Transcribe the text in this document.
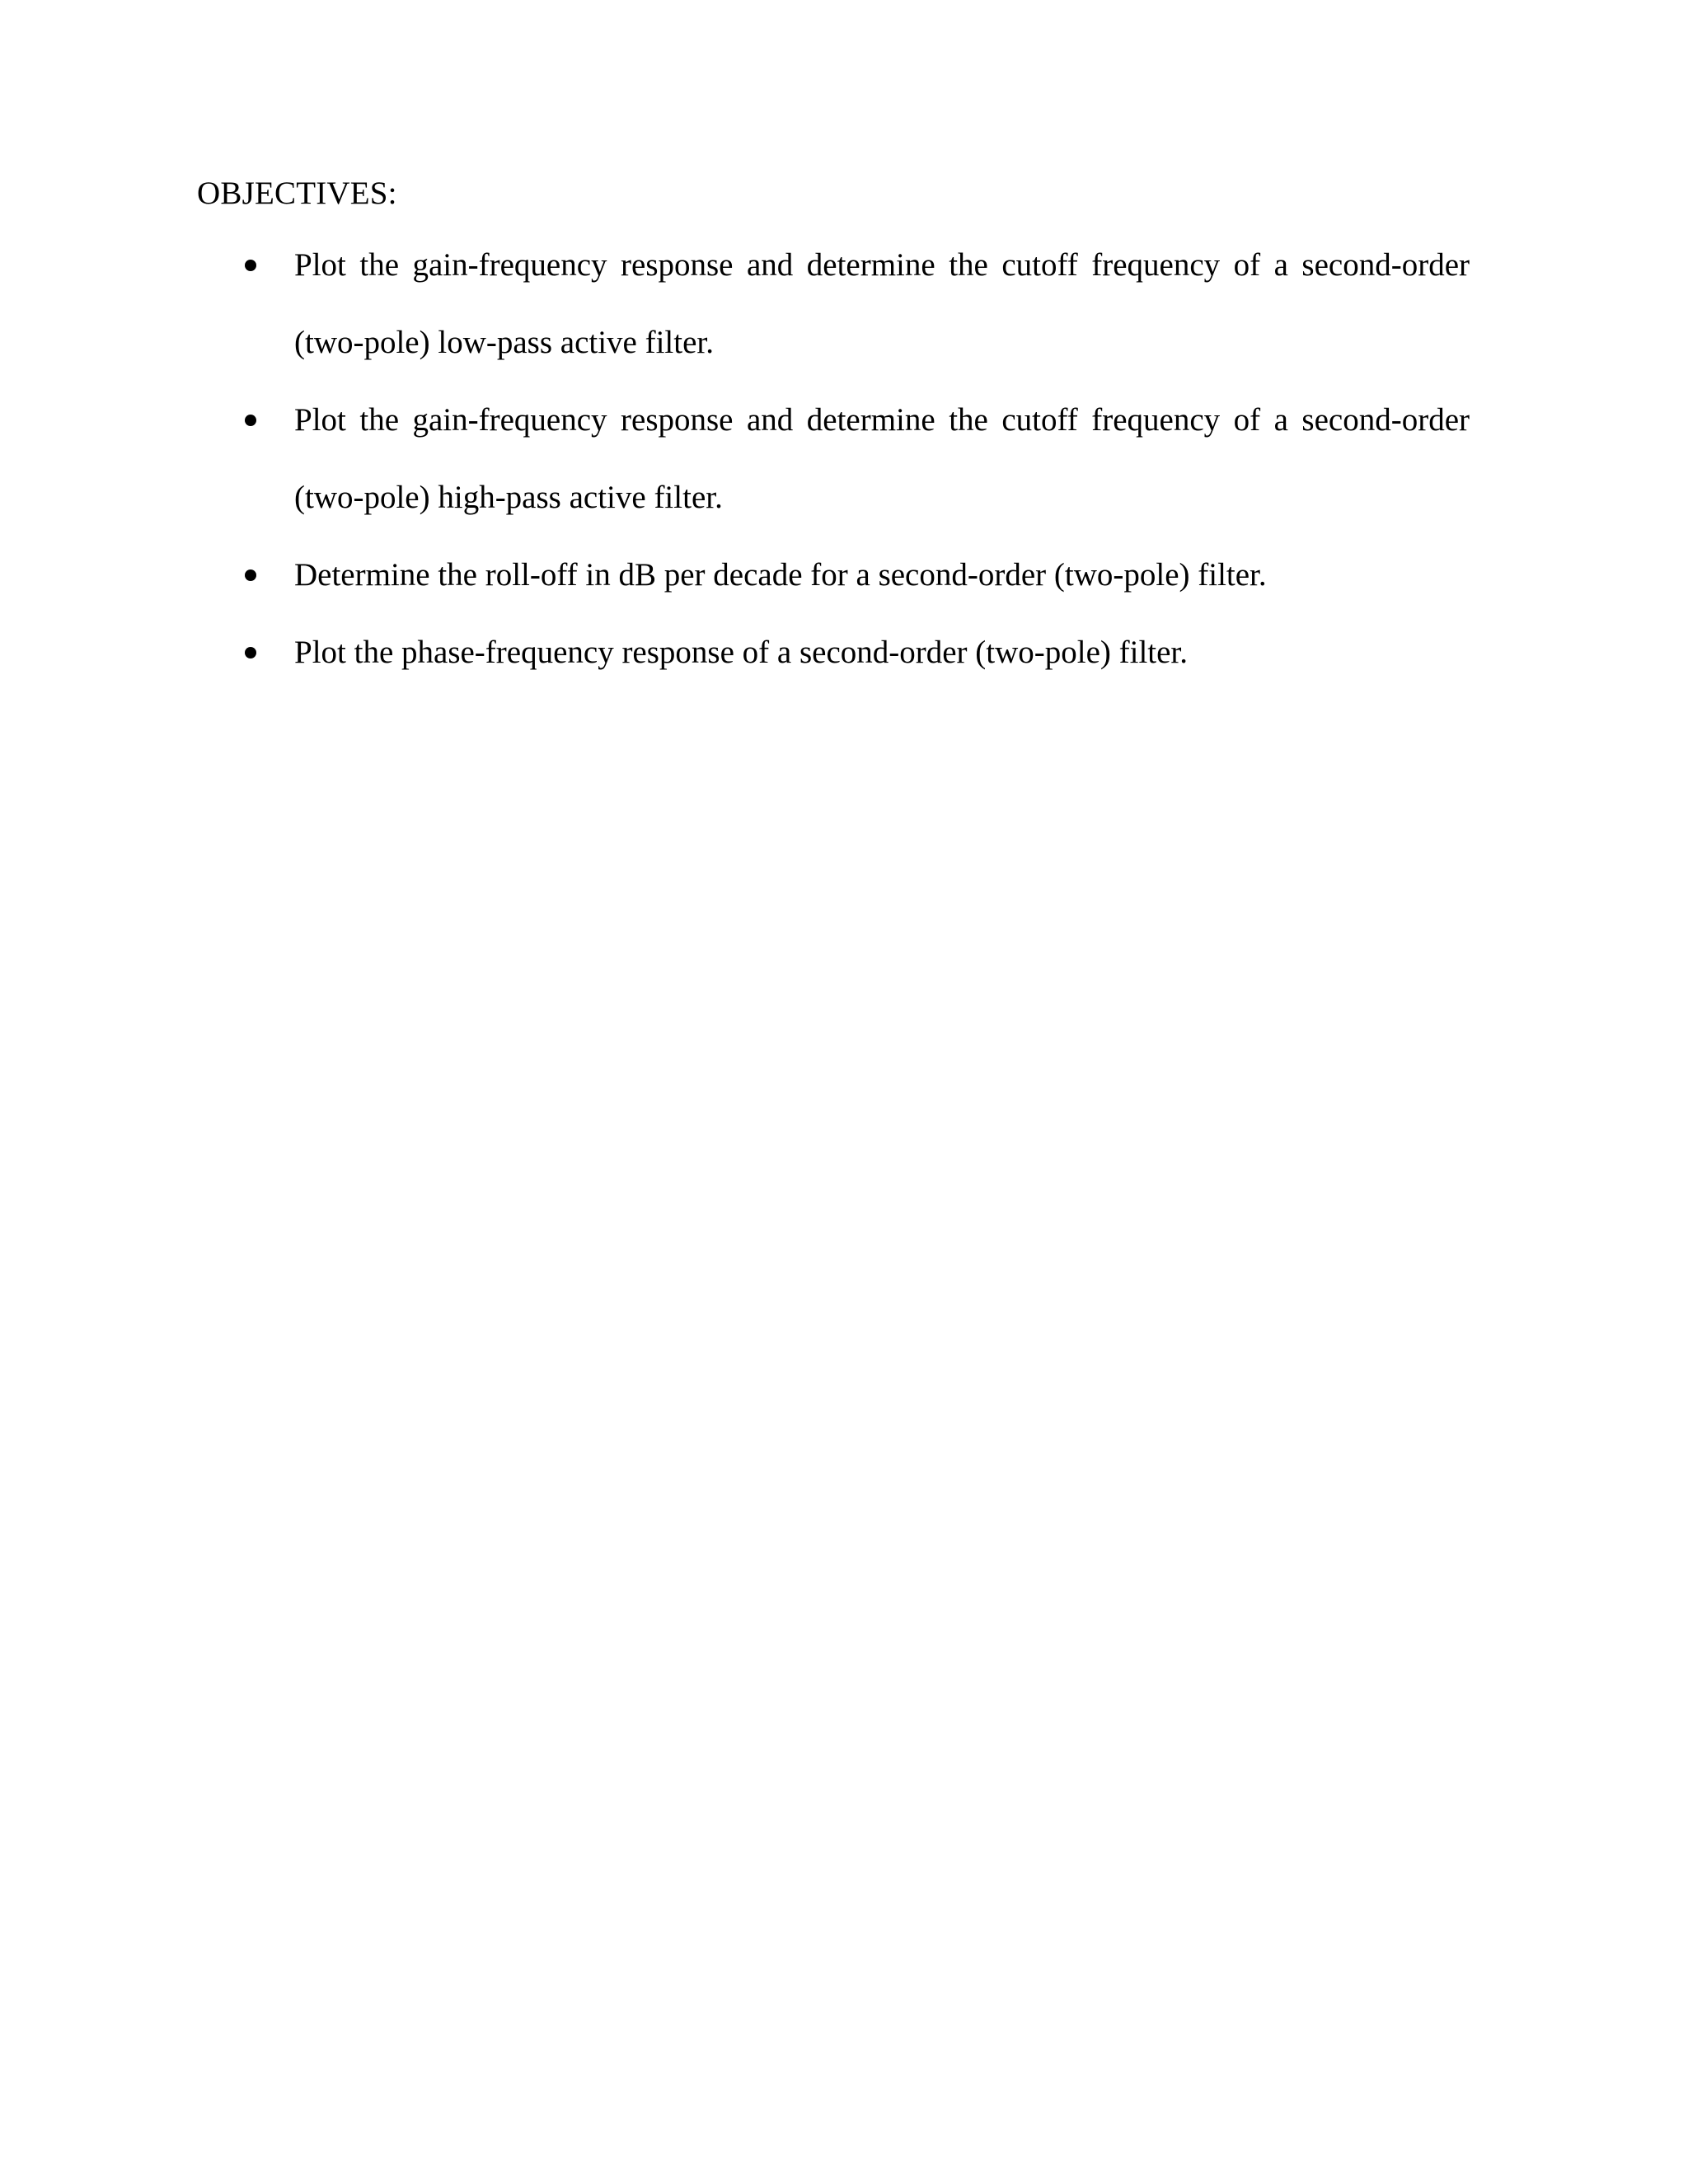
OBJECTIVES:
Plot the gain-frequency response and determine the cutoff frequency of a second-order (two-pole) low-pass active filter.
Plot the gain-frequency response and determine the cutoff frequency of a second-order (two-pole) high-pass active filter.
Determine the roll-off in dB per decade for a second-order (two-pole) filter.
Plot the phase-frequency response of a second-order (two-pole) filter.
